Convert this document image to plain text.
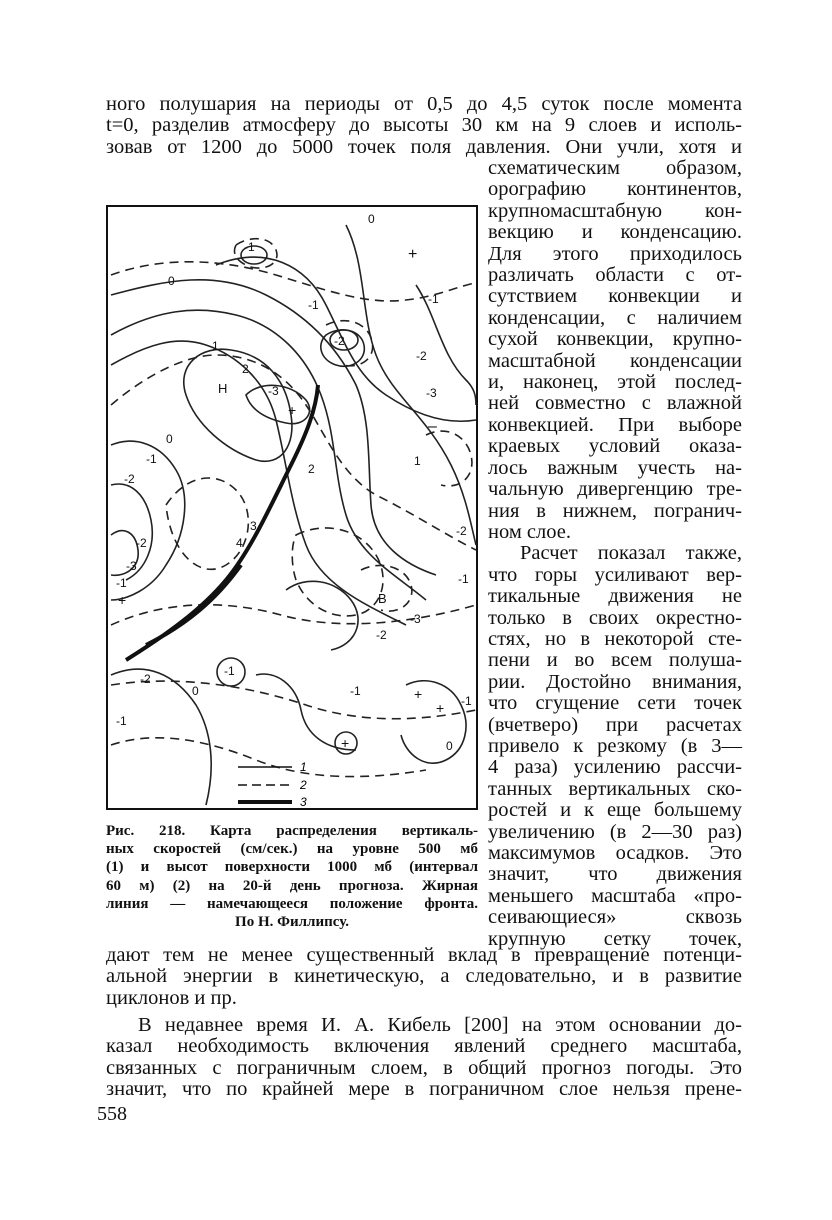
ного полушария на периоды от 0,5 до 4,5 суток после момента
t=0, разделив атмосферу до высоты 30 км на 9 слоев и исполь-
зовав от 1200 до 5000 точек поля давления. Они учли, хотя и
схематическим образом,
орографию континентов,
крупномасштабную кон-
векцию и конденсацию.
Для этого приходилось
различать области с от-
сутствием конвекции и
конденсации, с наличием
сухой конвекции, крупно-
масштабной конденсации
и, наконец, этой послед-
ней совместно с влажной
конвекцией. При выборе
краевых условий оказа-
лось важным учесть на-
чальную дивергенцию тре-
ния в нижнем, погранич-
ном слое.
Расчет показал также,
что горы усиливают вер-
тикальные движения не
только в своих окрестно-
стях, но в некоторой сте-
пени и во всем полуша-
рии. Достойно внимания,
что сгущение сети точек
(вчетверо) при расчетах
привело к резкому (в 3—
4 раза) усилению рассчи-
танных вертикальных ско-
ростей и к еще большему
увеличению (в 2—30 раз)
максимумов осадков. Это
значит, что движения
меньшего масштаба «про-
сеивающиеся» сквозь
крупную сетку точек,
0
+
-1
0
1
2
Н	-3
+
-1
-2
-1
-2
-3
–
0
1
-1
-2
2
3
4
-2
-3
-1
+
-2
В
-3
-2
-2
-1
0
-1
-1	+	-1
+
-1
+	0
1
2
3
Рис. 218. Карта распределения вертикаль-
ных скоростей (см/сек.) на уровне 500 мб
(1) и высот поверхности 1000 мб (интервал
60 м) (2) на 20-й день прогноза. Жирная
линия — намечающееся положение фронта.
По Н. Филлипсу.
дают тем не менее существенный вклад в превращение потенци-
альной энергии в кинетическую, а следовательно, и в развитие
циклонов и пр.
В недавнее время И. А. Кибель [200] на этом основании до-
казал необходимость включения явлений среднего масштаба,
связанных с пограничным слоем, в общий прогноз погоды. Это
значит, что по крайней мере в пограничном слое нельзя прене-
558
